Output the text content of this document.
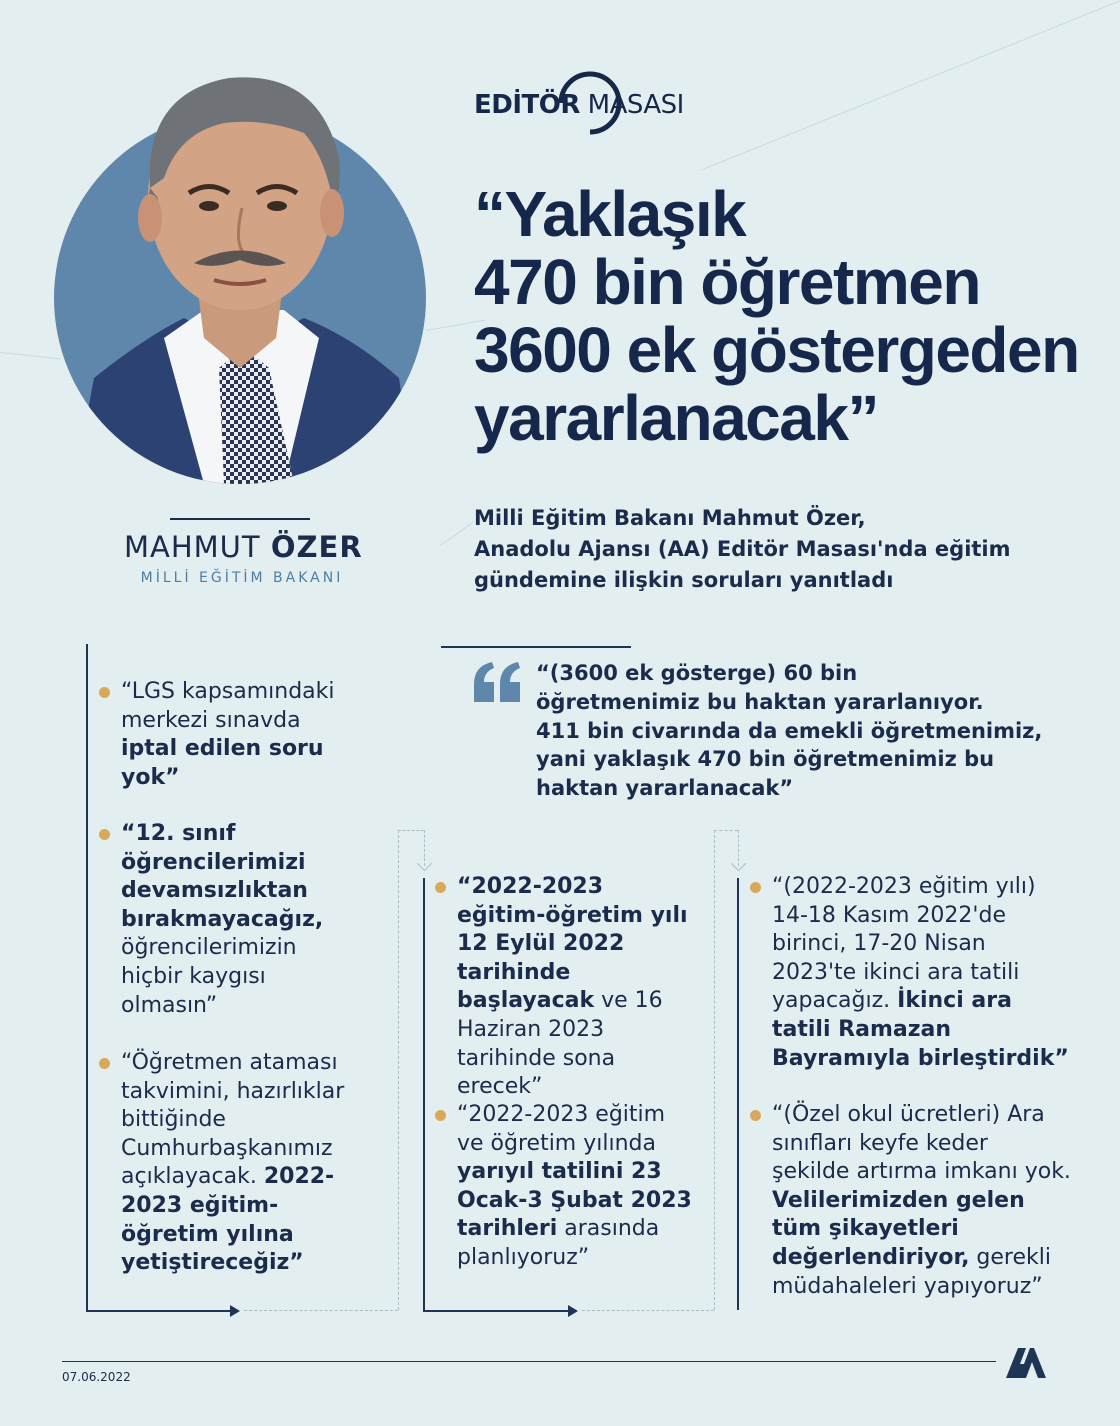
EDİTÖR MASASI
“Yaklaşık
470 bin öğretmen
3600 ek göstergeden
yararlanacak”
MAHMUT ÖZER
MİLLİ EĞİTİM BAKANI
Milli Eğitim Bakanı Mahmut Özer,
Anadolu Ajansı (AA) Editör Masası'nda eğitim
gündemine ilişkin soruları yanıtladı
“(3600 ek gösterge) 60 bin
öğretmenimiz bu haktan yararlanıyor.
411 bin civarında da emekli öğretmenimiz,
yani yaklaşık 470 bin öğretmenimiz bu
haktan yararlanacak”
“LGS kapsamındaki merkezi sınavda iptal edilen soru yok”
“12. sınıf öğrencilerimizi devamsızlıktan bırakmayacağız, öğrencilerimizin hiçbir kaygısı olmasın”
“Öğretmen ataması takvimini, hazırlıklar bittiğinde Cumhurbaşkanımız açıklayacak. 2022-2023 eğitim-öğretim yılına yetiştireceğiz”
“2022-2023 eğitim-öğretim yılı 12 Eylül 2022 tarihinde başlayacak ve 16 Haziran 2023 tarihinde sona erecek”
“2022-2023 eğitim ve öğretim yılında yarıyıl tatilini 23 Ocak-3 Şubat 2023 tarihleri arasında planlıyoruz”
“(2022-2023 eğitim yılı) 14-18 Kasım 2022'de birinci, 17-20 Nisan 2023'te ikinci ara tatili yapacağız. İkinci ara tatili Ramazan Bayramıyla birleştirdik”
“(Özel okul ücretleri) Ara sınıfları keyfe keder şekilde artırma imkanı yok. Velilerimizden gelen tüm şikayetleri değerlendiriyor, gerekli müdahaleleri yapıyoruz”
07.06.2022
